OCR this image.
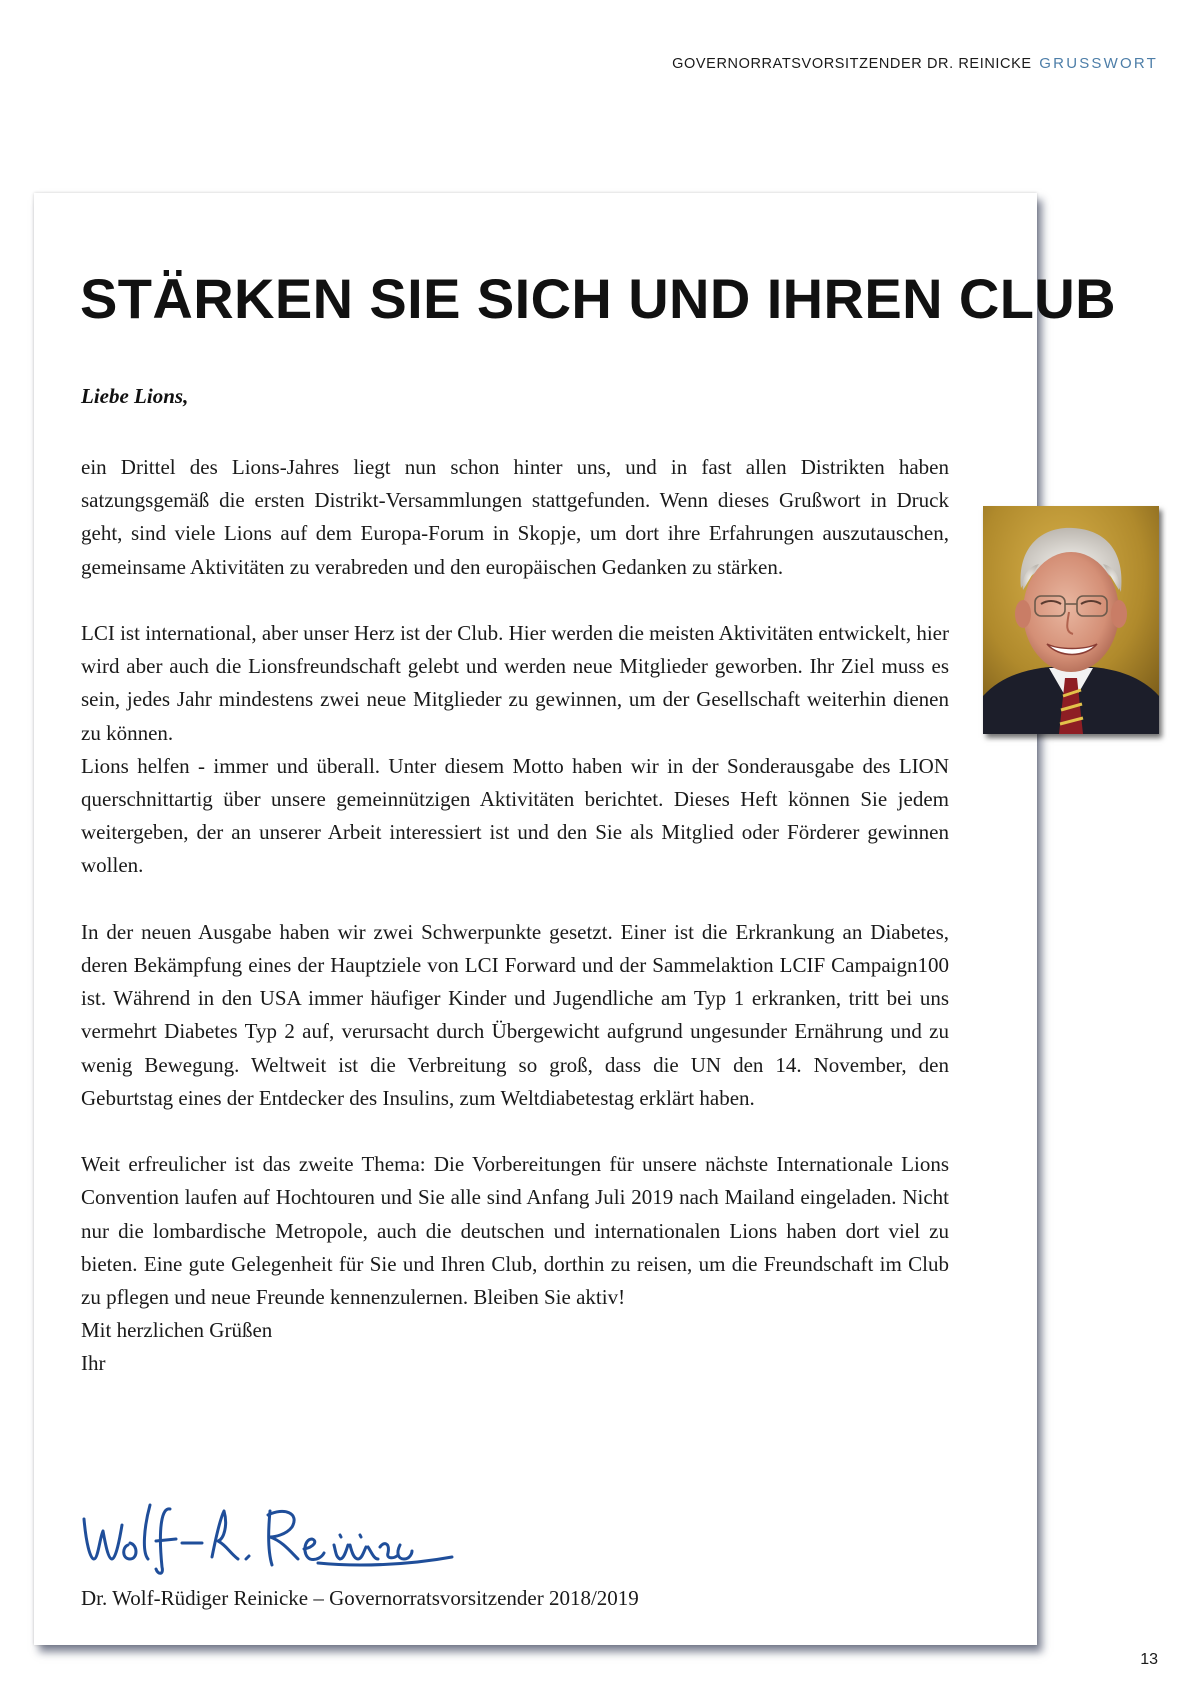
GOVERNORRATSVORSITZENDER DR. REINICKE GRUSSWORT
STÄRKEN SIE SICH UND IHREN CLUB
Liebe Lions,

ein Drittel des Lions-Jahres liegt nun schon hinter uns, und in fast allen Distrikten haben satzungsgemäß die ersten Distrikt-Versammlungen stattgefunden. Wenn dieses Grußwort in Druck geht, sind viele Lions auf dem Europa-Forum in Skopje, um dort ihre Erfahrungen auszutauschen, gemeinsame Aktivitäten zu verabreden und den europäischen Gedanken zu stärken.

LCI ist international, aber unser Herz ist der Club. Hier werden die meisten Aktivitäten entwickelt, hier wird aber auch die Lionsfreundschaft gelebt und werden neue Mitglieder geworben. Ihr Ziel muss es sein, jedes Jahr mindestens zwei neue Mitglieder zu gewinnen, um der Gesellschaft weiterhin dienen zu können.

Lions helfen - immer und überall. Unter diesem Motto haben wir in der Sonderausgabe des LION querschnittartig über unsere gemeinnützigen Aktivitäten berichtet. Dieses Heft können Sie jedem weitergeben, der an unserer Arbeit interessiert ist und den Sie als Mitglied oder Förderer gewinnen wollen.

In der neuen Ausgabe haben wir zwei Schwerpunkte gesetzt. Einer ist die Erkrankung an Diabetes, deren Bekämpfung eines der Hauptziele von LCI Forward und der Sammelaktion LCIF Campaign100 ist. Während in den USA immer häufiger Kinder und Jugendliche am Typ 1 erkranken, tritt bei uns vermehrt Diabetes Typ 2 auf, verursacht durch Übergewicht aufgrund ungesunder Ernährung und zu wenig Bewegung. Weltweit ist die Verbreitung so groß, dass die UN den 14. November, den Geburtstag eines der Entdecker des Insulins, zum Weltdiabetestag erklärt haben.

Weit erfreulicher ist das zweite Thema: Die Vorbereitungen für unsere nächste Internationale Lions Convention laufen auf Hochtouren und Sie alle sind Anfang Juli 2019 nach Mailand eingeladen. Nicht nur die lombardische Metropole, auch die deutschen und internationalen Lions haben dort viel zu bieten. Eine gute Gelegenheit für Sie und Ihren Club, dorthin zu reisen, um die Freundschaft im Club zu pflegen und neue Freunde kennenzulernen. Bleiben Sie aktiv!

Mit herzlichen Grüßen

Ihr

Dr. Wolf-Rüdiger Reinicke – Governorratsvorsitzender 2018/2019
13
